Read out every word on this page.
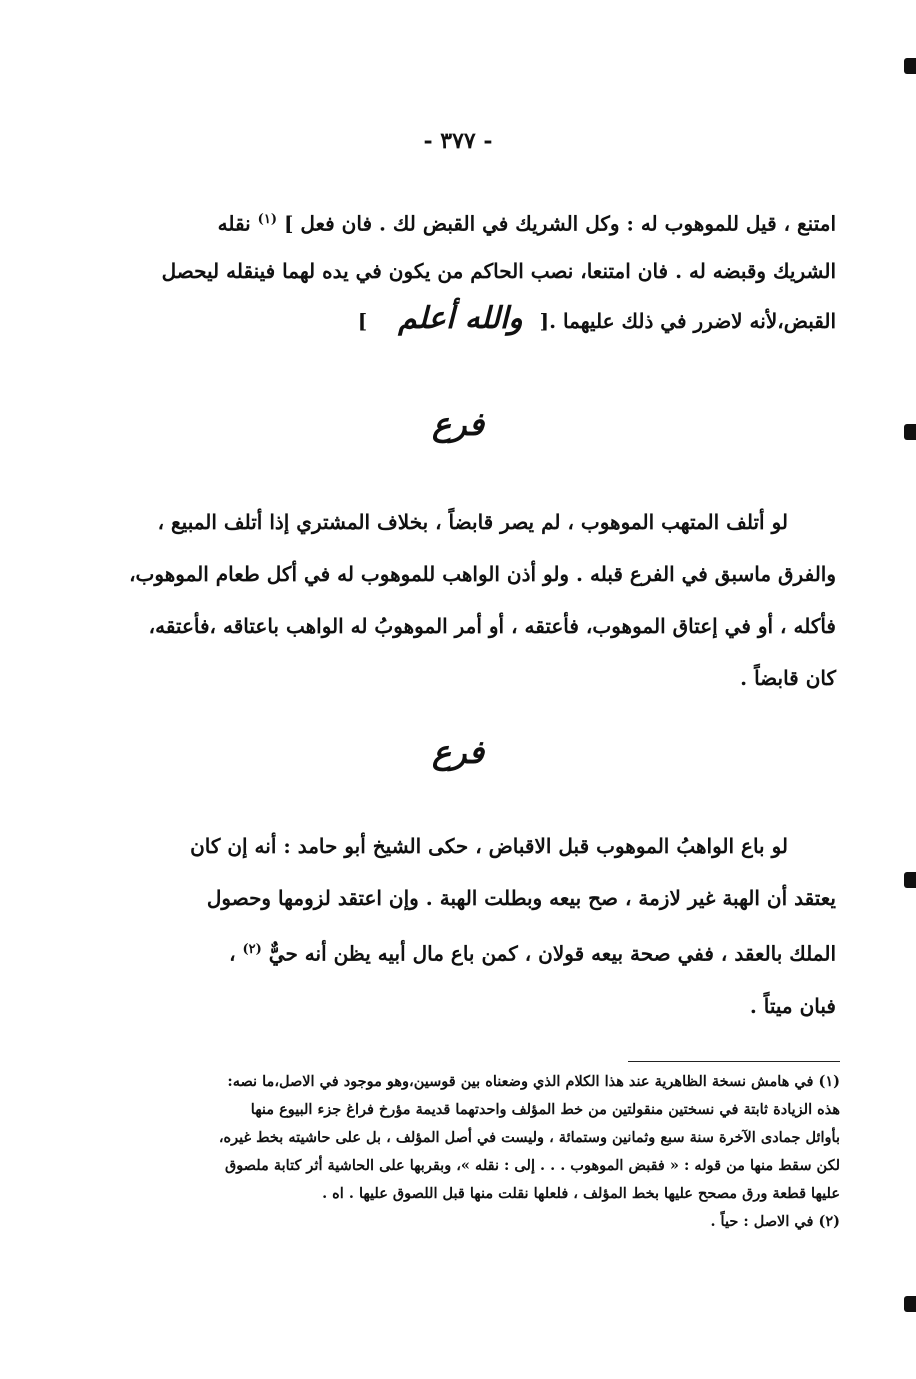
- ٣٧٧ -

امتنع ، قيل للموهوب له : وكل الشريك في القبض لك . فان فعل ] $^{(١)}$ نقله

الشريك وقبضه له . فان امتنعا، نصب الحاكم من يكون في يده لهما فينقله ليحصل

القبض،لأنه لاضرر في ذلك عليهما .[ والله أعلم ]

فرع

لو أتلف المتهب الموهوب ، لم يصر قابضاً ، بخلاف المشتري إذا أتلف المبيع ،

والفرق ماسبق في الفرع قبله . ولو أذن الواهب للموهوب له في أكل طعام الموهوب،

فأكله ، أو في إعتاق الموهوب، فأعتقه ، أو أمر الموهوبُ له الواهب باعتاقه ،فأعتقه،

كان قابضاً .

فرع

لو باع الواهبُ الموهوب قبل الاقباض ، حكى الشيخ أبو حامد : أنه إن كان

يعتقد أن الهبة غير لازمة ، صح بيعه وبطلت الهبة . وإن اعتقد لزومها وحصول

الملك بالعقد ، ففي صحة بيعه قولان ، كمن باع مال أبيه يظن أنه حيٌّ $^{(٢)}$ ،

فبان ميتاً .

(١) في هامش نسخة الظاهرية عند هذا الكلام الذي وضعناه بين قوسين،وهو موجود في الاصل،ما نصه:

هذه الزيادة ثابتة في نسختين منقولتين من خط المؤلف واحدتهما قديمة مؤرخ فراغ جزء البيوع منها

بأوائل جمادى الآخرة سنة سبع وثمانين وستمائة ، وليست في أصل المؤلف ، بل على حاشيته بخط غيره،

لكن سقط منها من قوله : « فقبض الموهوب . . . إلى : نقله »، وبقربها على الحاشية أثر كتابة ملصوق

عليها قطعة ورق مصحح عليها بخط المؤلف ، فلعلها نقلت منها قبل اللصوق عليها . اه .

(٢) في الاصل : حياً .
